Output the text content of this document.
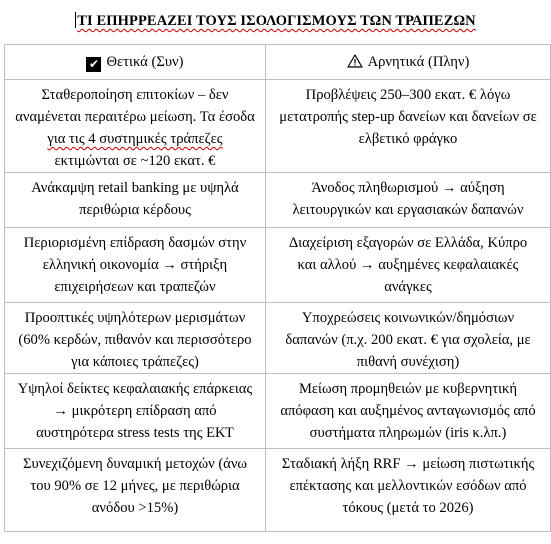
ΤΙ ΕΠΗΡΡΕΑΖΕΙ ΤΟΥΣ ΙΣΟΛΟΓΙΣΜΟΥΣ ΤΩΝ ΤΡΑΠΕΖΩΝ
✔ Θετικά (Συν)	Αρνητικά (Πλην)

Σταθεροποίηση επιτοκίων – δεν
αναμένεται περαιτέρω μείωση. Τα έσοδα
για τις 4 συστημικές τράπεζες
εκτιμώνται σε ~120 εκατ. €	Προβλέψεις 250–300 εκατ. € λόγω
μετατροπής step-up δανείων και δανείων σε
ελβετικό φράγκο

Ανάκαμψη retail banking με υψηλά
περιθώρια κέρδους	Άνοδος πληθωρισμού → αύξηση
λειτουργικών και εργασιακών δαπανών

Περιορισμένη επίδραση δασμών στην
ελληνική οικονομία → στήριξη
επιχειρήσεων και τραπεζών	Διαχείριση εξαγορών σε Ελλάδα, Κύπρο
και αλλού → αυξημένες κεφαλαιακές
ανάγκες

Προοπτικές υψηλότερων μερισμάτων
(60% κερδών, πιθανόν και περισσότερο
για κάποιες τράπεζες)	Υποχρεώσεις κοινωνικών/δημόσιων
δαπανών (π.χ. 200 εκατ. € για σχολεία, με
πιθανή συνέχιση)

Υψηλοί δείκτες κεφαλαιακής επάρκειας
→ μικρότερη επίδραση από
αυστηρότερα stress tests της ΕΚΤ	Μείωση προμηθειών με κυβερνητική
απόφαση και αυξημένος ανταγωνισμός από
συστήματα πληρωμών (iris κ.λπ.)

Συνεχιζόμενη δυναμική μετοχών (άνω
του 90% σε 12 μήνες, με περιθώρια
ανόδου >15%)	Σταδιακή λήξη RRF → μείωση πιστωτικής
επέκτασης και μελλοντικών εσόδων από
τόκους (μετά το 2026)
